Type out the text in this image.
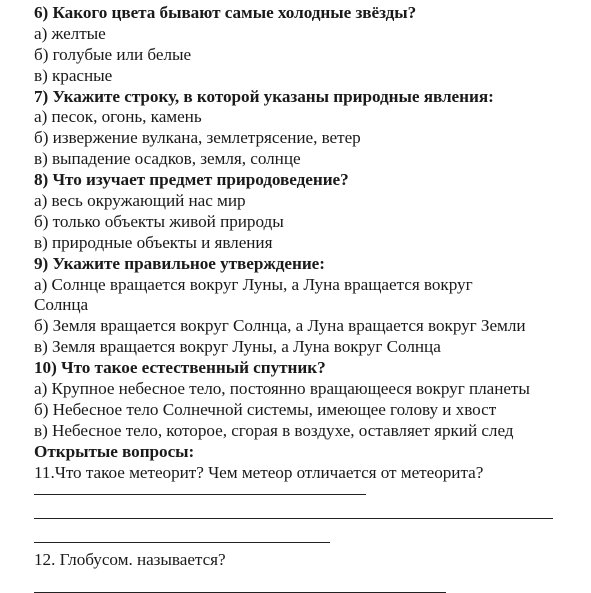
6) Какого цвета бывают самые холодные звёзды?
а) желтые
б) голубые или белые
в) красные
7) Укажите строку, в которой указаны природные явления:
а) песок, огонь, камень
б) извержение вулкана, землетрясение, ветер
в) выпадение осадков, земля, солнце
8) Что изучает предмет природоведение?
а) весь окружающий нас мир
б) только объекты живой природы
в) природные объекты и явления
9) Укажите правильное утверждение:
а) Солнце вращается вокруг Луны, а Луна вращается вокруг
Солнца
б) Земля вращается вокруг Солнца, а Луна вращается вокруг Земли
в) Земля вращается вокруг Луны, а Луна вокруг Солнца
10) Что такое естественный спутник?
а) Крупное небесное тело, постоянно вращающееся вокруг планеты
б) Небесное тело Солнечной системы, имеющее голову и хвост
в) Небесное тело, которое, сгорая в воздухе, оставляет яркий след
Открытые вопросы:
11.Что такое метеорит? Чем метеор отличается от метеорита?
12. Глобусом. называется?
